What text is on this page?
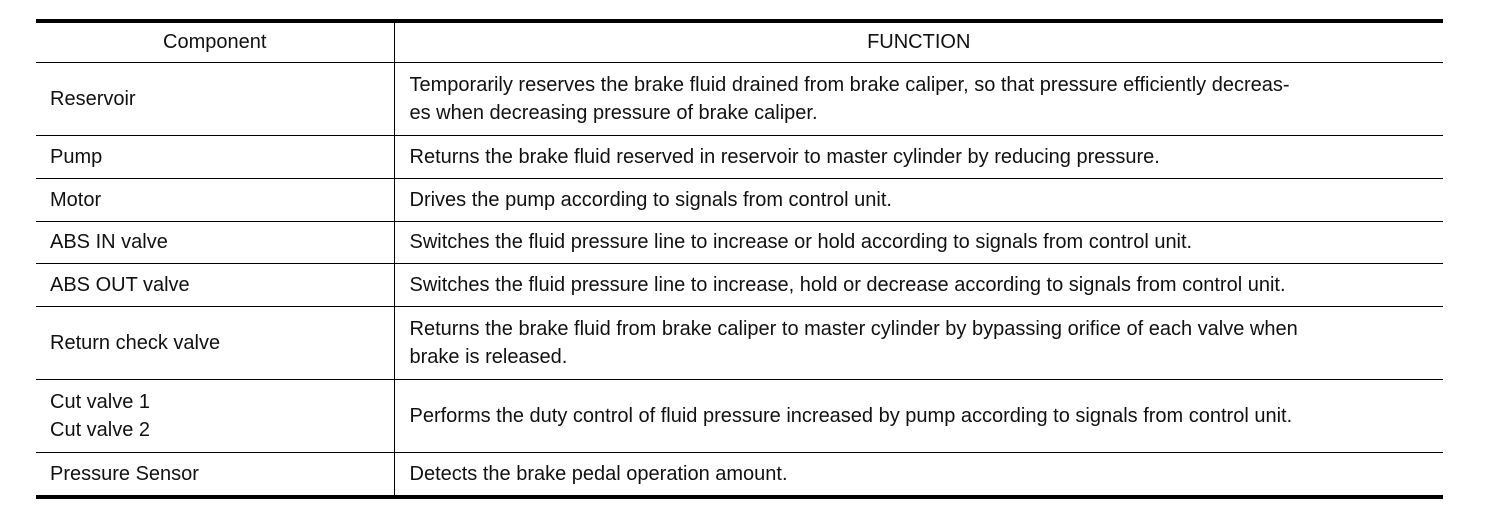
Component	FUNCTION

Reservoir	Temporarily reserves the brake fluid drained from brake caliper, so that pressure efficiently decreas-
es when decreasing pressure of brake caliper.

Pump	Returns the brake fluid reserved in reservoir to master cylinder by reducing pressure.

Motor	Drives the pump according to signals from control unit.

ABS IN valve	Switches the fluid pressure line to increase or hold according to signals from control unit.

ABS OUT valve	Switches the fluid pressure line to increase, hold or decrease according to signals from control unit.

Return check valve	Returns the brake fluid from brake caliper to master cylinder by bypassing orifice of each valve when
brake is released.

Cut valve 1
Cut valve 2	Performs the duty control of fluid pressure increased by pump according to signals from control unit.

Pressure Sensor	Detects the brake pedal operation amount.
